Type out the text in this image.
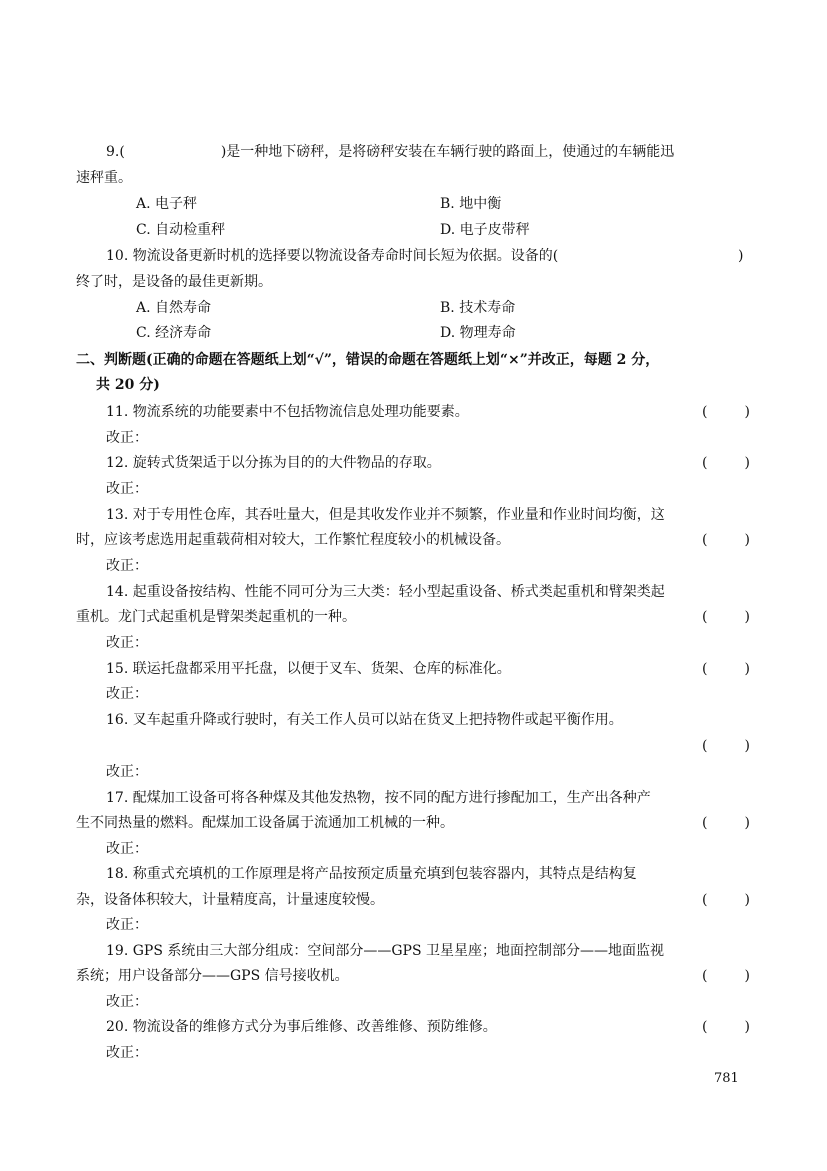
9.(	)是一种地下磅秤，是将磅秤安装在车辆行驶的路面上，使通过的车辆能迅
速秤重。
A. 电子秤	B. 地中衡
C. 自动检重秤	D. 电子皮带秤
10. 物流设备更新时机的选择要以物流设备寿命时间长短为依据。设备的(	)
终了时，是设备的最佳更新期。
A. 自然寿命	B. 技术寿命
C. 经济寿命	D. 物理寿命
二、判断题(正确的命题在答题纸上划“√”，错误的命题在答题纸上划“×”并改正，每题 2 分，
共 20 分)
11. 物流系统的功能要素中不包括物流信息处理功能要素。	(	)
改正：
12. 旋转式货架适于以分拣为目的的大件物品的存取。	(	)
改正：
13. 对于专用性仓库，其吞吐量大，但是其收发作业并不频繁，作业量和作业时间均衡，这
时，应该考虑选用起重载荷相对较大，工作繁忙程度较小的机械设备。	(	)
改正：
14. 起重设备按结构、性能不同可分为三大类：轻小型起重设备、桥式类起重机和臂架类起
重机。龙门式起重机是臂架类起重机的一种。	(	)
改正：
15. 联运托盘都采用平托盘，以便于叉车、货架、仓库的标准化。	(	)
改正：
16. 叉车起重升降或行驶时，有关工作人员可以站在货叉上把持物件或起平衡作用。
(	)
改正：
17. 配煤加工设备可将各种煤及其他发热物，按不同的配方进行掺配加工，生产出各种产
生不同热量的燃料。配煤加工设备属于流通加工机械的一种。	(	)
改正：
18. 称重式充填机的工作原理是将产品按预定质量充填到包装容器内，其特点是结构复
杂，设备体积较大，计量精度高，计量速度较慢。	(	)
改正：
19. GPS 系统由三大部分组成：空间部分——GPS 卫星星座；地面控制部分——地面监视
系统；用户设备部分——GPS 信号接收机。	(	)
改正：
20. 物流设备的维修方式分为事后维修、改善维修、预防维修。	(	)
改正：
781
